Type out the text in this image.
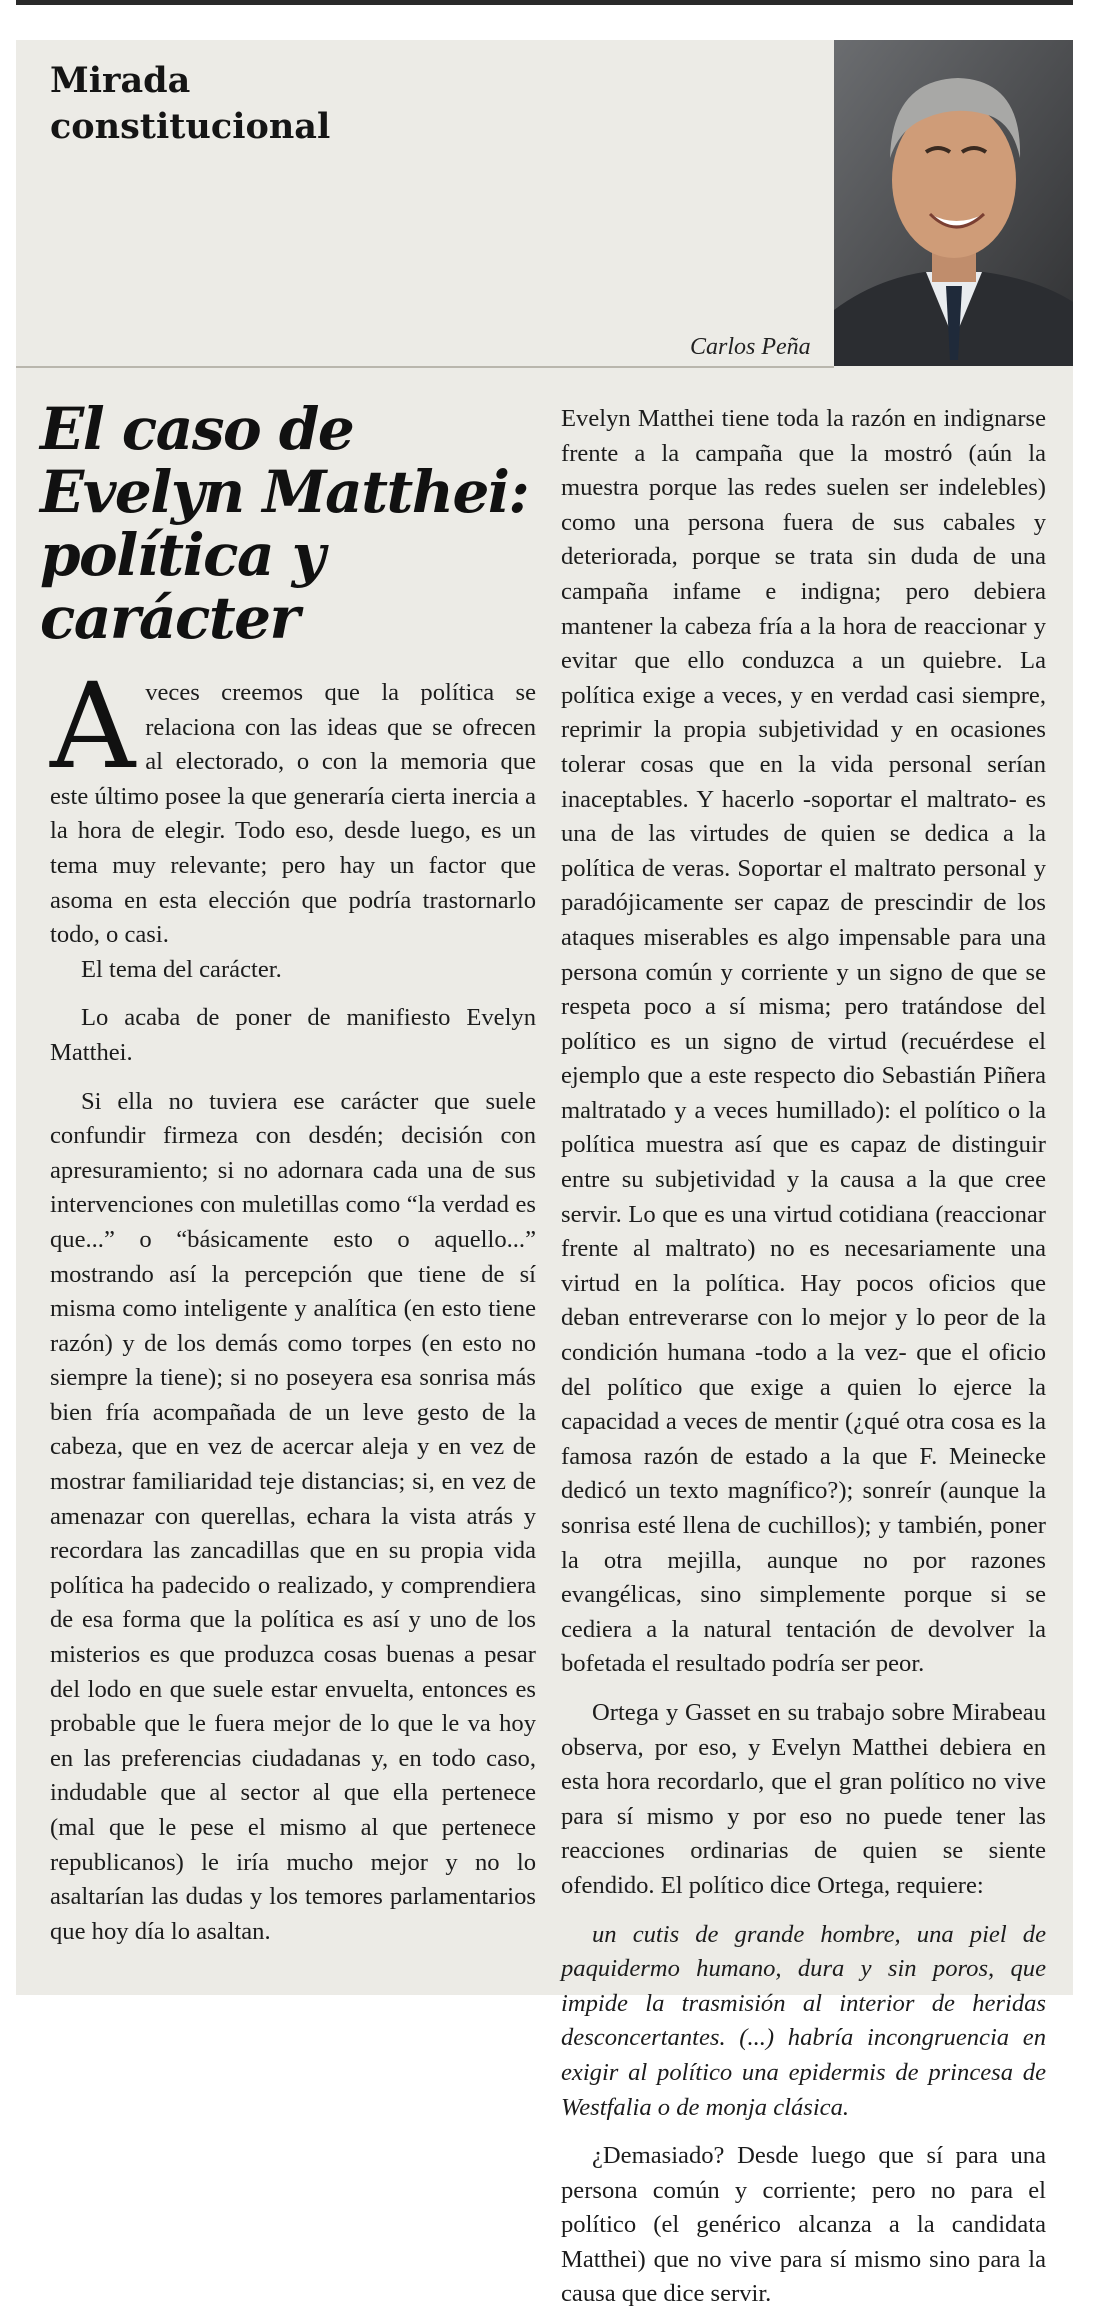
Mirada
constitucional

Carlos Peña

El caso de
Evelyn Matthei:
política y
carácter

A veces creemos que la política se relaciona con las ideas que se ofrecen al electorado, o con la memoria que este último posee la que generaría cierta inercia a la hora de elegir. Todo eso, desde luego, es un tema muy relevante; pero hay un factor que asoma en esta elección que podría trastornarlo todo, o casi.

El tema del carácter.

Lo acaba de poner de manifiesto Evelyn Matthei.

Si ella no tuviera ese carácter que suele confundir firmeza con desdén; decisión con apresuramiento; si no adornara cada una de sus intervenciones con muletillas como “la verdad es que...” o “básicamente esto o aquello...” mostrando así la percepción que tiene de sí misma como inteligente y analítica (en esto tiene razón) y de los demás como torpes (en esto no siempre la tiene); si no poseyera esa sonrisa más bien fría acompañada de un leve gesto de la cabeza, que en vez de acercar aleja y en vez de mostrar familiaridad teje distancias; si, en vez de amenazar con querellas, echara la vista atrás y recordara las zancadillas que en su propia vida política ha padecido o realizado, y comprendiera de esa forma que la política es así y uno de los misterios es que produzca cosas buenas a pesar del lodo en que suele estar envuelta, entonces es probable que le fuera mejor de lo que le va hoy en las preferencias ciudadanas y, en todo caso, indudable que al sector al que ella pertenece (mal que le pese el mismo al que pertenece republicanos) le iría mucho mejor y no lo asaltarían las dudas y los temores parlamentarios que hoy día lo asaltan.

Evelyn Matthei tiene toda la razón en indignarse frente a la campaña que la mostró (aún la muestra porque las redes suelen ser indelebles) como una persona fuera de sus cabales y deteriorada, porque se trata sin duda de una campaña infame e indigna; pero debiera mantener la cabeza fría a la hora de reaccionar y evitar que ello conduzca a un quiebre. La política exige a veces, y en verdad casi siempre, reprimir la propia subjetividad y en ocasiones tolerar cosas que en la vida personal serían inaceptables. Y hacerlo -soportar el maltrato- es una de las virtudes de quien se dedica a la política de veras. Soportar el maltrato personal y paradójicamente ser capaz de prescindir de los ataques miserables es algo impensable para una persona común y corriente y un signo de que se respeta poco a sí misma; pero tratándose del político es un signo de virtud (recuérdese el ejemplo que a este respecto dio Sebastián Piñera maltratado y a veces humillado): el político o la política muestra así que es capaz de distinguir entre su subjetividad y la causa a la que cree servir. Lo que es una virtud cotidiana (reaccionar frente al maltrato) no es necesariamente una virtud en la política. Hay pocos oficios que deban entreverarse con lo mejor y lo peor de la condición humana -todo a la vez- que el oficio del político que exige a quien lo ejerce la capacidad a veces de mentir (¿qué otra cosa es la famosa razón de estado a la que F. Meinecke dedicó un texto magnífico?); sonreír (aunque la sonrisa esté llena de cuchillos); y también, poner la otra mejilla, aunque no por razones evangélicas, sino simplemente porque si se cediera a la natural tentación de devolver la bofetada el resultado podría ser peor.

Ortega y Gasset en su trabajo sobre Mirabeau observa, por eso, y Evelyn Matthei debiera en esta hora recordarlo, que el gran político no vive para sí mismo y por eso no puede tener las reacciones ordinarias de quien se siente ofendido. El político dice Ortega, requiere:

un cutis de grande hombre, una piel de paquidermo humano, dura y sin poros, que impide la trasmisión al interior de heridas desconcertantes. (...) habría incongruencia en exigir al político una epidermis de princesa de Westfalia o de monja clásica.

¿Demasiado? Desde luego que sí para una persona común y corriente; pero no para el político (el genérico alcanza a la candidata Matthei) que no vive para sí mismo sino para la causa que dice servir.
